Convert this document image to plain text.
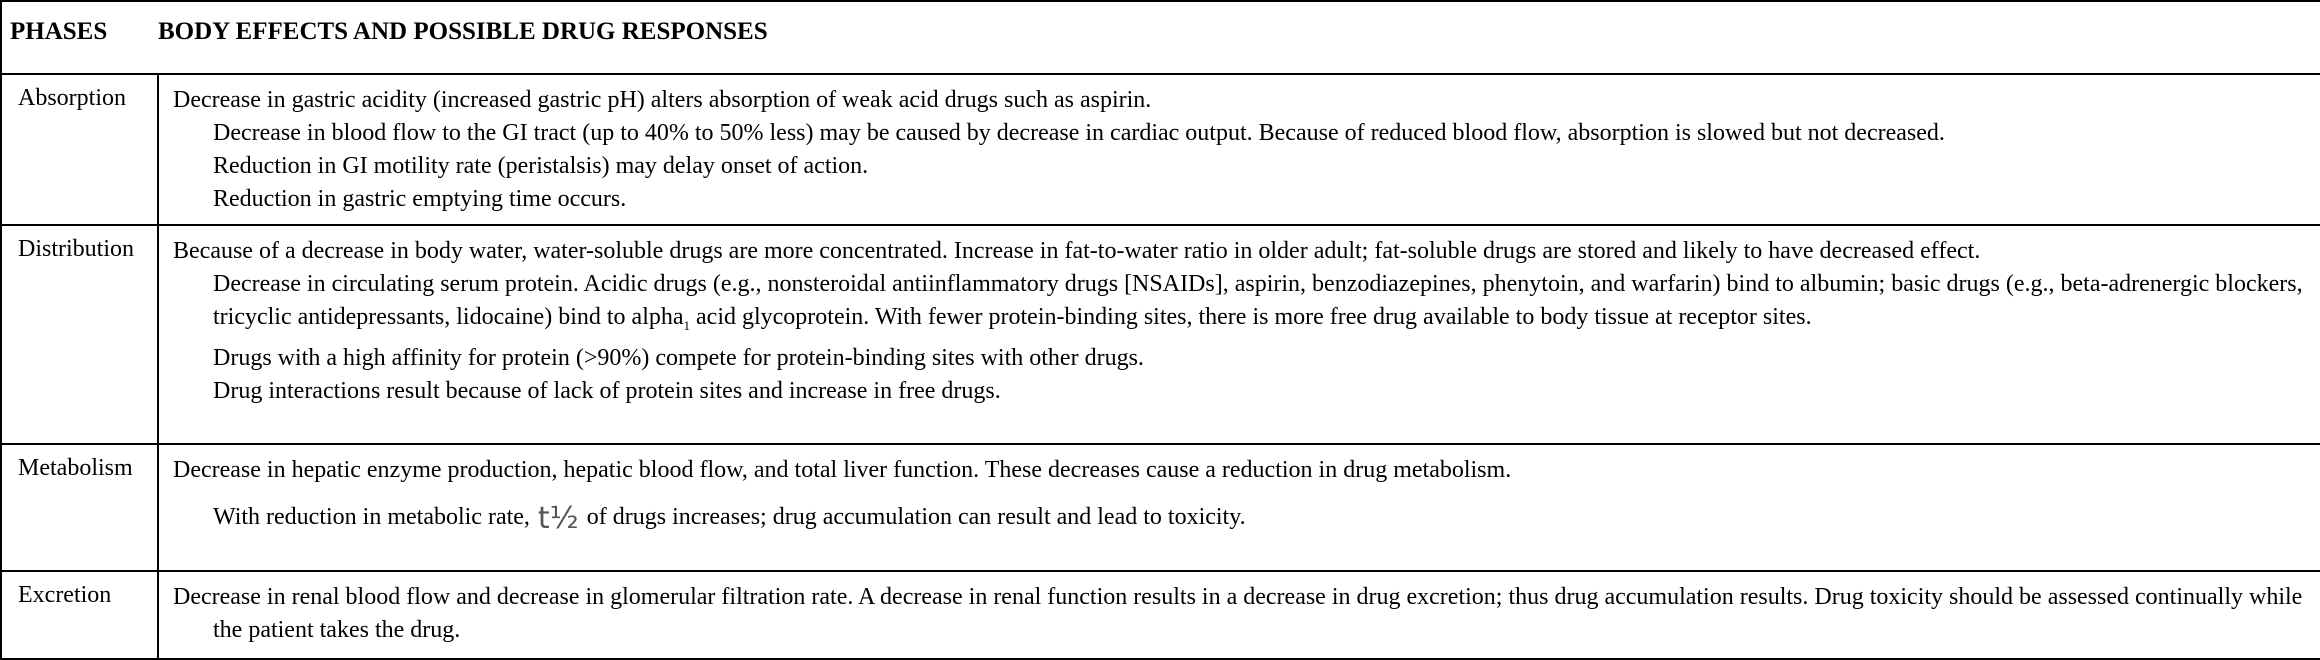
PHASES	BODY EFFECTS AND POSSIBLE DRUG RESPONSES
Absorption	Decrease in gastric acidity (increased gastric pH) alters absorption of weak acid drugs such as aspirin.
Decrease in blood flow to the GI tract (up to 40% to 50% less) may be caused by decrease in cardiac output. Because of reduced blood flow, absorption is slowed but not decreased.
Reduction in GI motility rate (peristalsis) may delay onset of action.
Reduction in gastric emptying time occurs.

Distribution	Because of a decrease in body water, water-soluble drugs are more concentrated. Increase in fat-to-water ratio in older adult; fat-soluble drugs are stored and likely to have decreased effect.
Decrease in circulating serum protein. Acidic drugs (e.g., nonsteroidal antiinflammatory drugs [NSAIDs], aspirin, benzodiazepines, phenytoin, and warfarin) bind to albumin; basic drugs (e.g., beta-adrenergic blockers, tricyclic antidepressants, lidocaine) bind to alpha$_1$ acid glycoprotein. With fewer protein-binding sites, there is more free drug available to body tissue at receptor sites.
Drugs with a high affinity for protein (>90%) compete for protein-binding sites with other drugs.
Drug interactions result because of lack of protein sites and increase in free drugs.

Metabolism	Decrease in hepatic enzyme production, hepatic blood flow, and total liver function. These decreases cause a reduction in drug metabolism.
With reduction in metabolic rate, t½ of drugs increases; drug accumulation can result and lead to toxicity.

Excretion	Decrease in renal blood flow and decrease in glomerular filtration rate. A decrease in renal function results in a decrease in drug excretion; thus drug accumulation results. Drug toxicity should be assessed continually while the patient takes the drug.
